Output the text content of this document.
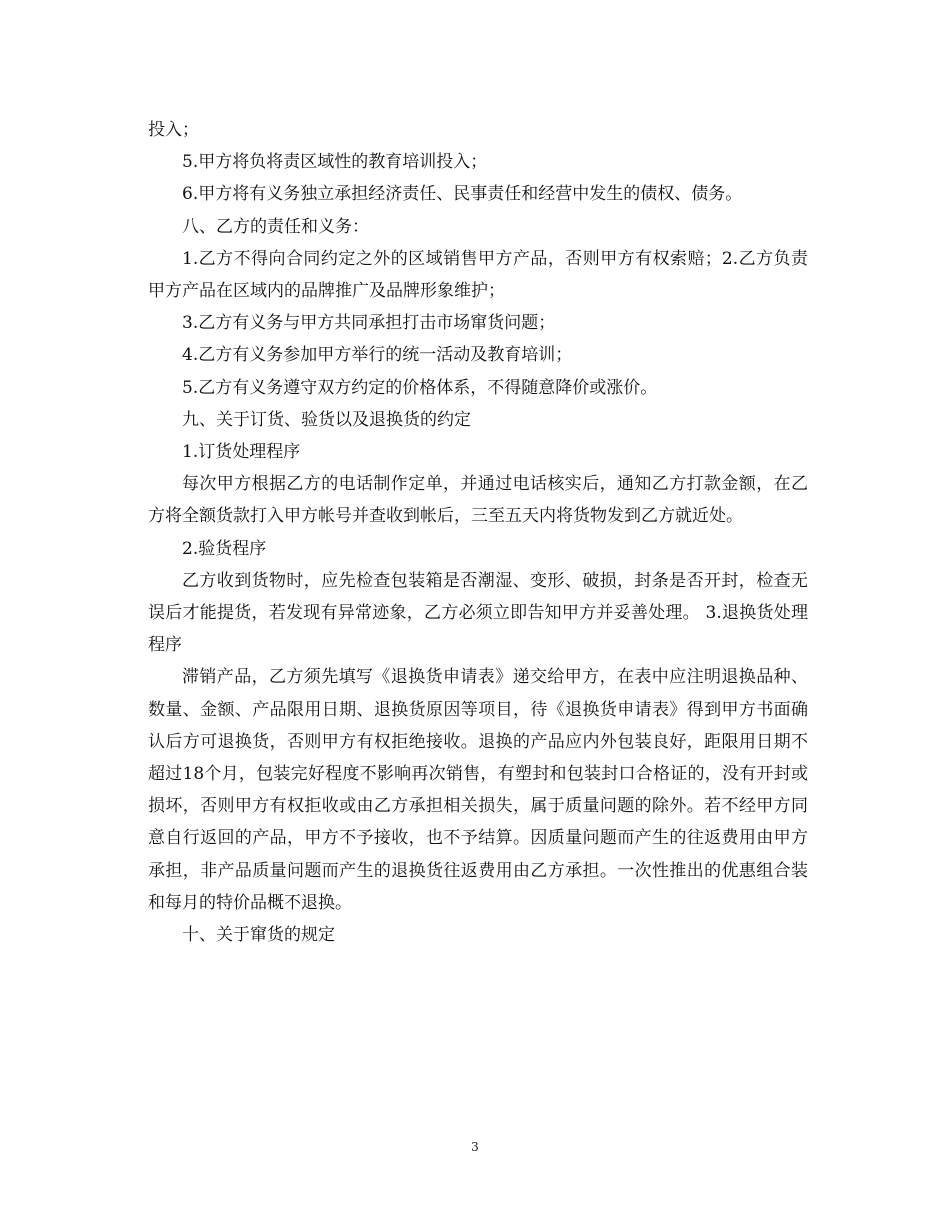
投入；

5.甲方将负将责区域性的教育培训投入；

6.甲方将有义务独立承担经济责任、民事责任和经营中发生的债权、债务。

八、乙方的责任和义务：

1.乙方不得向合同约定之外的区域销售甲方产品，否则甲方有权索赔；2.乙方负责甲方产品在区域内的品牌推广及品牌形象维护；

3.乙方有义务与甲方共同承担打击市场窜货问题；

4.乙方有义务参加甲方举行的统一活动及教育培训；

5.乙方有义务遵守双方约定的价格体系，不得随意降价或涨价。

九、关于订货、验货以及退换货的约定

1.订货处理程序

每次甲方根据乙方的电话制作定单，并通过电话核实后，通知乙方打款金额，在乙方将全额货款打入甲方帐号并查收到帐后，三至五天内将货物发到乙方就近处。

2.验货程序

乙方收到货物时，应先检查包装箱是否潮湿、变形、破损，封条是否开封，检查无误后才能提货，若发现有异常迹象，乙方必须立即告知甲方并妥善处理。 3.退换货处理程序

滞销产品，乙方须先填写《退换货申请表》递交给甲方，在表中应注明退换品种、数量、金额、产品限用日期、退换货原因等项目，待《退换货申请表》得到甲方书面确认后方可退换货，否则甲方有权拒绝接收。退换的产品应内外包装良好，距限用日期不超过18个月，包装完好程度不影响再次销售，有塑封和包装封口合格证的，没有开封或损坏，否则甲方有权拒收或由乙方承担相关损失，属于质量问题的除外。若不经甲方同意自行返回的产品，甲方不予接收，也不予结算。因质量问题而产生的往返费用由甲方承担，非产品质量问题而产生的退换货往返费用由乙方承担。一次性推出的优惠组合装和每月的特价品概不退换。

十、关于窜货的规定

3
